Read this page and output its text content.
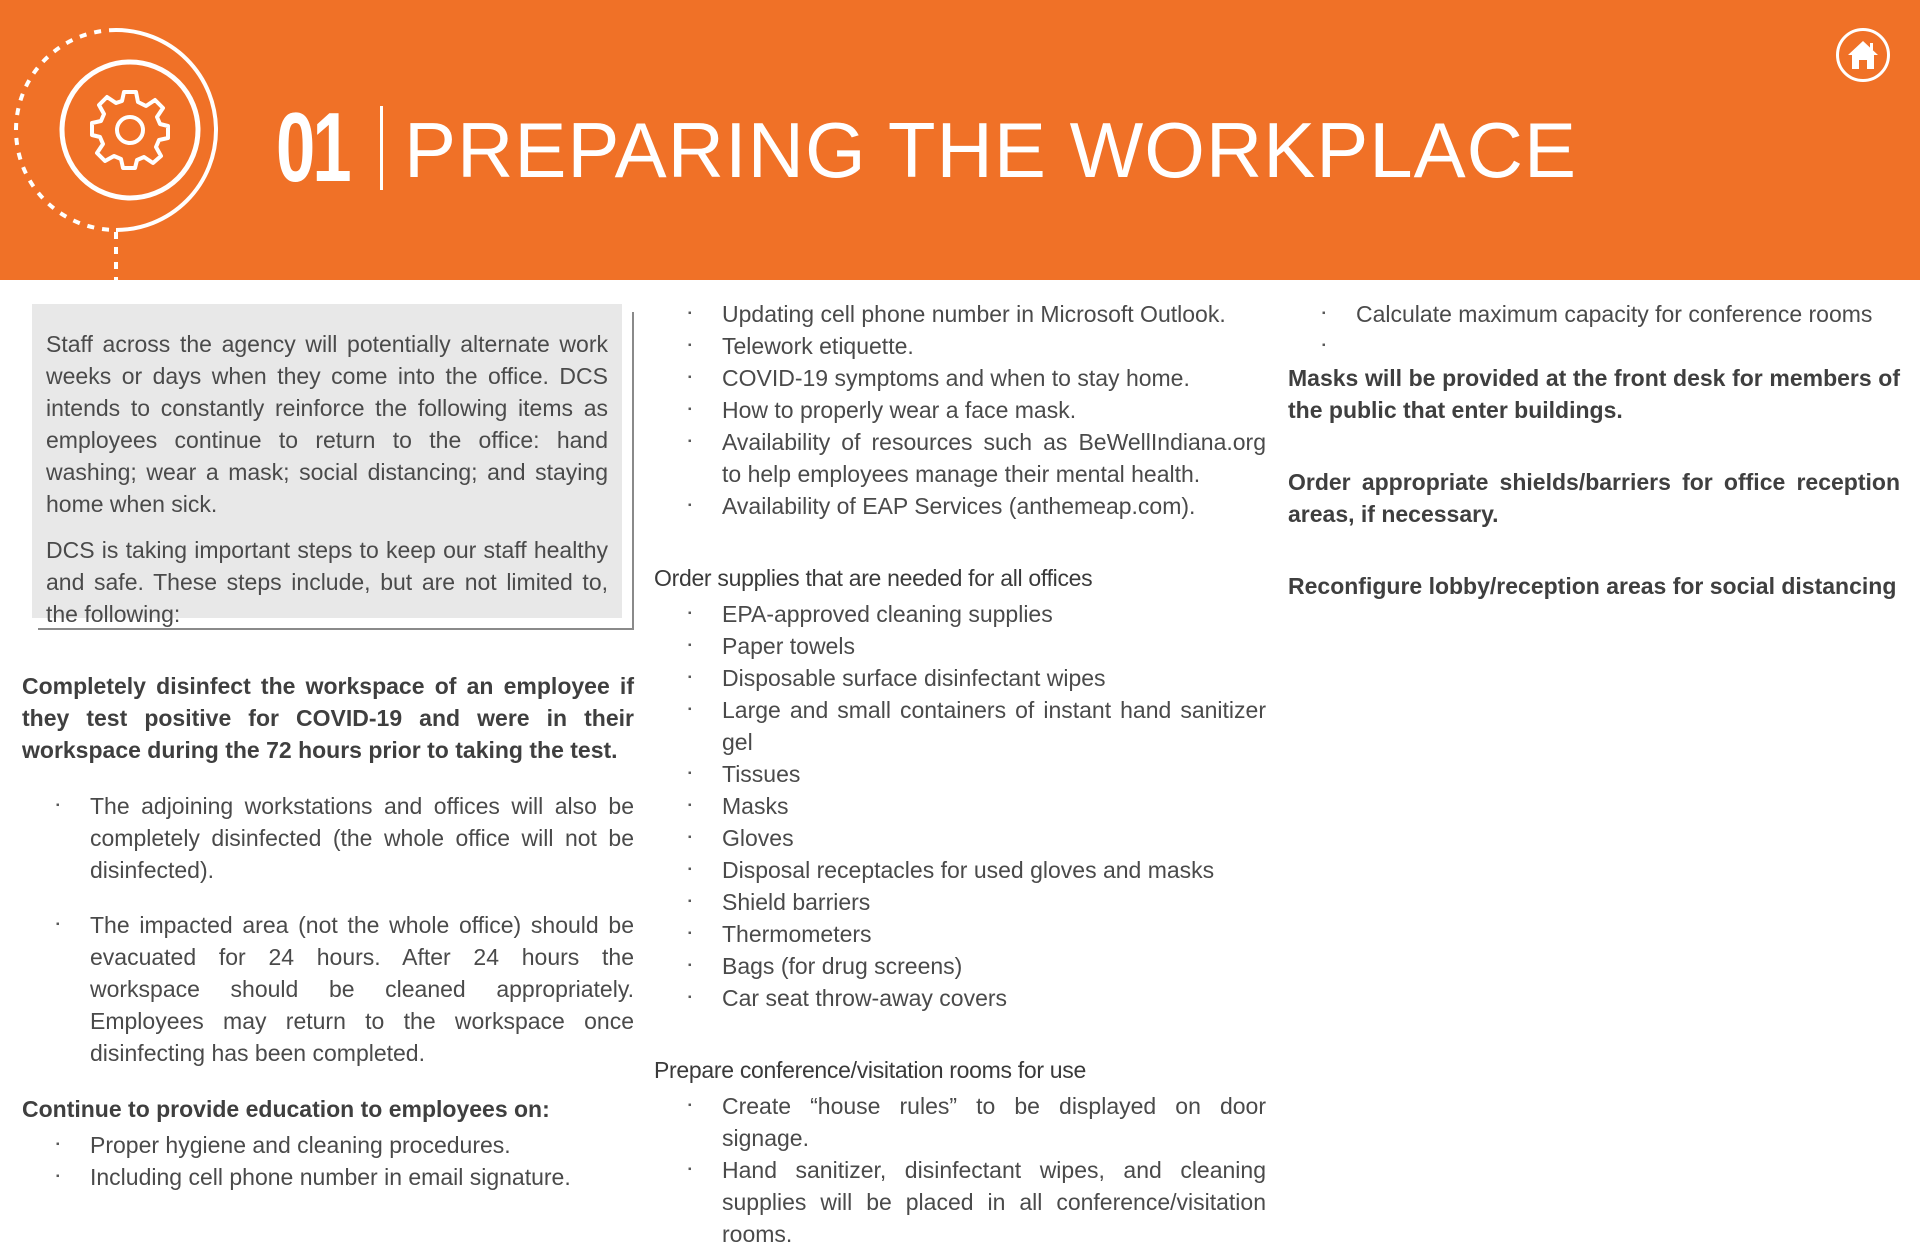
01 PREPARING THE WORKPLACE

Staff across the agency will potentially alternate work weeks or days when they come into the office. DCS intends to constantly reinforce the following items as employees continue to return to the office: hand washing; wear a mask; social distancing; and staying home when sick.

DCS is taking important steps to keep our staff healthy and safe. These steps include, but are not limited to, the following:

Completely disinfect the workspace of an employee if they test positive for COVID-19 and were in their workspace during the 72 hours prior to taking the test.

▪ The adjoining workstations and offices will also be completely disinfected (the whole office will not be disinfected).
▪ The impacted area (not the whole office) should be evacuated for 24 hours. After 24 hours the workspace should be cleaned appropriately. Employees may return to the workspace once disinfecting has been completed.

Continue to provide education to employees on:

▪ Proper hygiene and cleaning procedures.
▪ Including cell phone number in email signature.
▪ Updating cell phone number in Microsoft Outlook.
▪ Telework etiquette.
▪ COVID-19 symptoms and when to stay home.
▪ How to properly wear a face mask.
▪ Availability of resources such as BeWellIndiana.org to help employees manage their mental health.
▪ Availability of EAP Services (anthemeap.com).

Order supplies that are needed for all offices

▪ EPA-approved cleaning supplies
▪ Paper towels
▪ Disposable surface disinfectant wipes
▪ Large and small containers of instant hand sanitizer gel
▪ Tissues
▪ Masks
▪ Gloves
▪ Disposal receptacles for used gloves and masks
▪ Shield barriers
▪ Thermometers
▪ Bags (for drug screens)
▪ Car seat throw-away covers

Prepare conference/visitation rooms for use

▪ Create “house rules” to be displayed on door signage.
▪ Hand sanitizer, disinfectant wipes, and cleaning supplies will be placed in all conference/visitation rooms.
▪ Calculate maximum capacity for conference rooms
▪

Masks will be provided at the front desk for members of the public that enter buildings.

Order appropriate shields/barriers for office reception areas, if necessary.

Reconfigure lobby/reception areas for social distancing
